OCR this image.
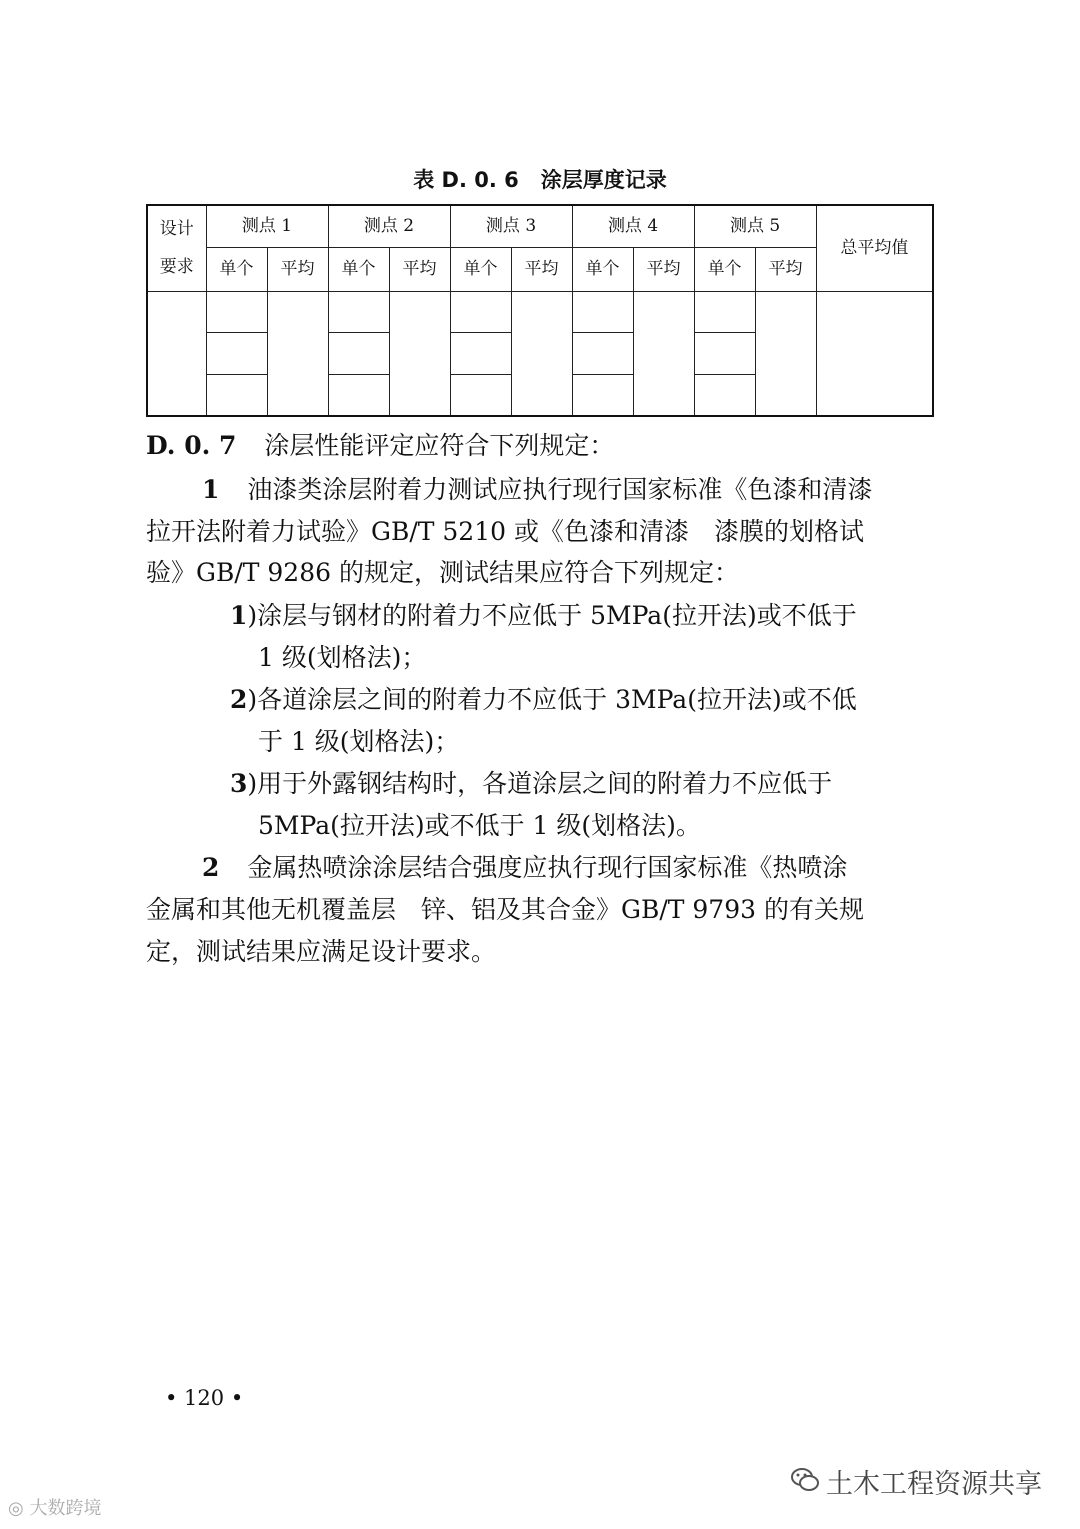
表 D. 0. 6 涂层厚度记录
设计
要求	测点 1		测点 2		测点 3		测点 4		测点 5		总平均值
	单个	平均	单个	平均	单个	平均	单个	平均	单个	平均	

D. 0. 7 涂层性能评定应符合下列规定：
1 油漆类涂层附着力测试应执行现行国家标准《色漆和清漆
拉开法附着力试验》GB/T 5210 或《色漆和清漆　漆膜的划格试
验》GB/T 9286 的规定，测试结果应符合下列规定：
1)涂层与钢材的附着力不应低于 5MPa(拉开法)或不低于
1 级(划格法)；
2)各道涂层之间的附着力不应低于 3MPa(拉开法)或不低
于 1 级(划格法)；
3)用于外露钢结构时，各道涂层之间的附着力不应低于
5MPa(拉开法)或不低于 1 级(划格法)。
2 金属热喷涂涂层结合强度应执行现行国家标准《热喷涂
金属和其他无机覆盖层　锌、铝及其合金》GB/T 9793 的有关规
定，测试结果应满足设计要求。
• 120 •
土木工程资源共享
◎ 大数跨境
